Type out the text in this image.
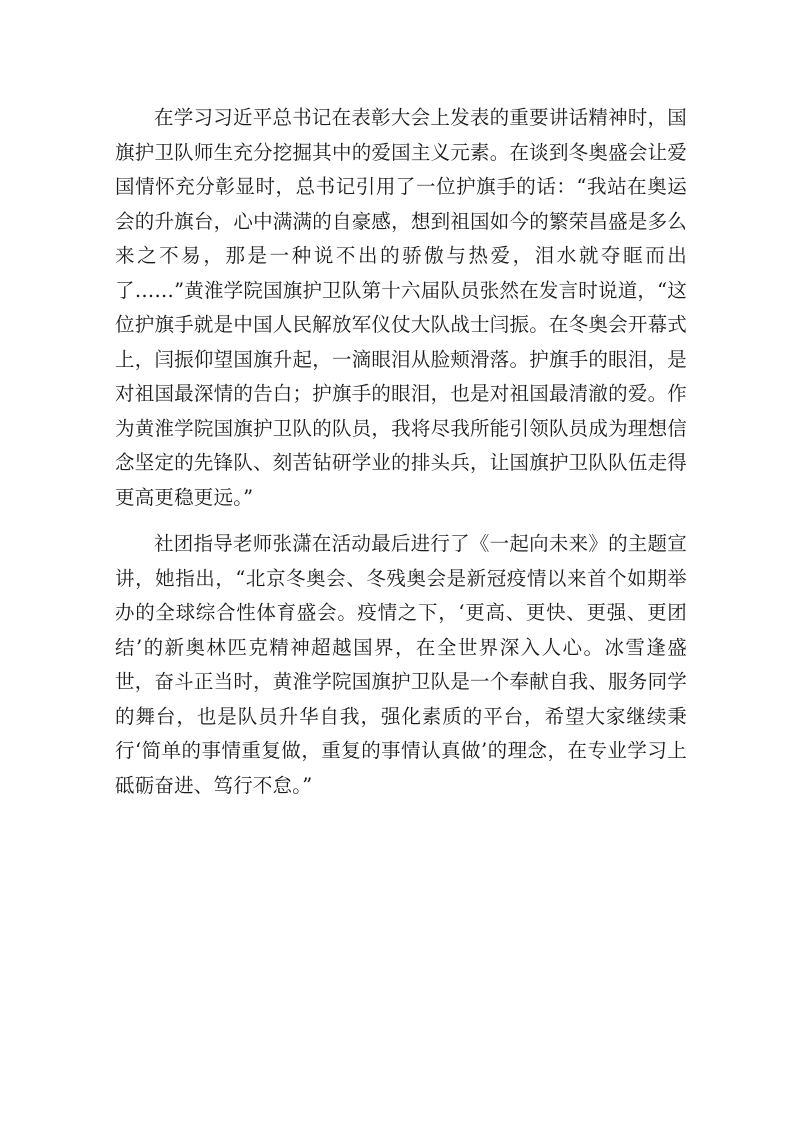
在学习习近平总书记在表彰大会上发表的重要讲话精神时，国旗护卫队师生充分挖掘其中的爱国主义元素。在谈到冬奥盛会让爱国情怀充分彰显时，总书记引用了一位护旗手的话：“我站在奥运会的升旗台，心中满满的自豪感，想到祖国如今的繁荣昌盛是多么来之不易，那是一种说不出的骄傲与热爱，泪水就夺眶而出了……”黄淮学院国旗护卫队第十六届队员张然在发言时说道，“这位护旗手就是中国人民解放军仪仗大队战士闫振。在冬奥会开幕式上，闫振仰望国旗升起，一滴眼泪从脸颊滑落。护旗手的眼泪，是对祖国最深情的告白；护旗手的眼泪，也是对祖国最清澈的爱。作为黄淮学院国旗护卫队的队员，我将尽我所能引领队员成为理想信念坚定的先锋队、刻苦钻研学业的排头兵，让国旗护卫队队伍走得更高更稳更远。”

社团指导老师张潇在活动最后进行了《一起向未来》的主题宣讲，她指出，“北京冬奥会、冬残奥会是新冠疫情以来首个如期举办的全球综合性体育盛会。疫情之下，‘更高、更快、更强、更团结’的新奥林匹克精神超越国界，在全世界深入人心。冰雪逢盛世，奋斗正当时，黄淮学院国旗护卫队是一个奉献自我、服务同学的舞台，也是队员升华自我，强化素质的平台，希望大家继续秉行‘简单的事情重复做，重复的事情认真做’的理念，在专业学习上砥砺奋进、笃行不怠。”
